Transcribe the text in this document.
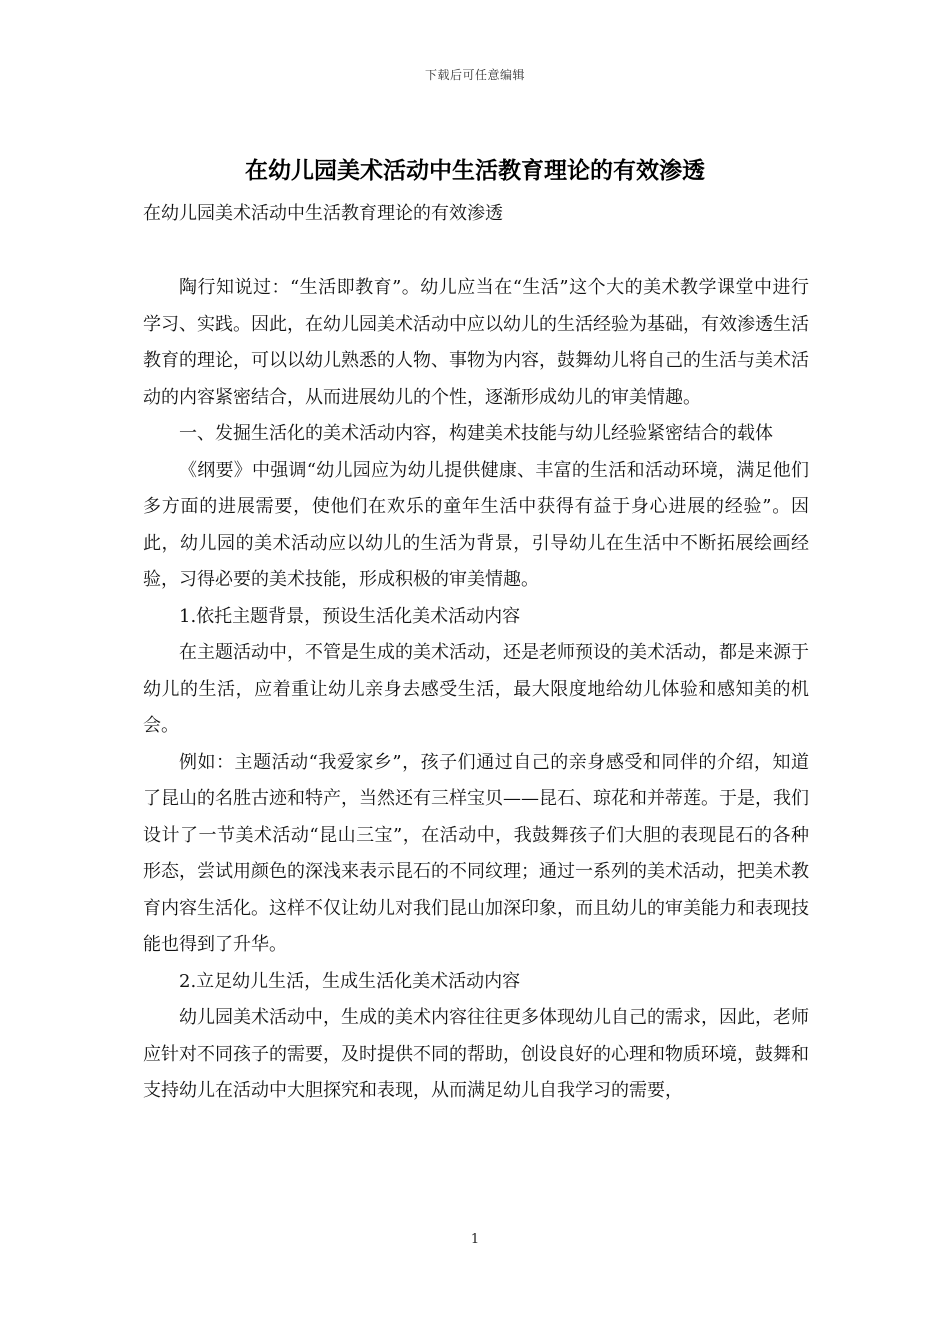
下载后可任意编辑
在幼儿园美术活动中生活教育理论的有效渗透

在幼儿园美术活动中生活教育理论的有效渗透

陶行知说过：“生活即教育”。幼儿应当在“生活”这个大的美术教学课堂中进行学习、实践。因此，在幼儿园美术活动中应以幼儿的生活经验为基础，有效渗透生活教育的理论，可以以幼儿熟悉的人物、事物为内容，鼓舞幼儿将自己的生活与美术活动的内容紧密结合，从而进展幼儿的个性，逐渐形成幼儿的审美情趣。

一、发掘生活化的美术活动内容，构建美术技能与幼儿经验紧密结合的载体

《纲要》中强调“幼儿园应为幼儿提供健康、丰富的生活和活动环境，满足他们多方面的进展需要，使他们在欢乐的童年生活中获得有益于身心进展的经验”。因此，幼儿园的美术活动应以幼儿的生活为背景，引导幼儿在生活中不断拓展绘画经验，习得必要的美术技能，形成积极的审美情趣。

1.依托主题背景，预设生活化美术活动内容

在主题活动中，不管是生成的美术活动，还是老师预设的美术活动，都是来源于幼儿的生活，应着重让幼儿亲身去感受生活，最大限度地给幼儿体验和感知美的机会。

例如：主题活动“我爱家乡”，孩子们通过自己的亲身感受和同伴的介绍，知道了昆山的名胜古迹和特产，当然还有三样宝贝——昆石、琼花和并蒂莲。于是，我们设计了一节美术活动“昆山三宝”，在活动中，我鼓舞孩子们大胆的表现昆石的各种形态，尝试用颜色的深浅来表示昆石的不同纹理；通过一系列的美术活动，把美术教育内容生活化。这样不仅让幼儿对我们昆山加深印象，而且幼儿的审美能力和表现技能也得到了升华。

2.立足幼儿生活，生成生活化美术活动内容

幼儿园美术活动中，生成的美术内容往往更多体现幼儿自己的需求，因此，老师应针对不同孩子的需要，及时提供不同的帮助，创设良好的心理和物质环境，鼓舞和支持幼儿在活动中大胆探究和表现，从而满足幼儿自我学习的需要，

1
